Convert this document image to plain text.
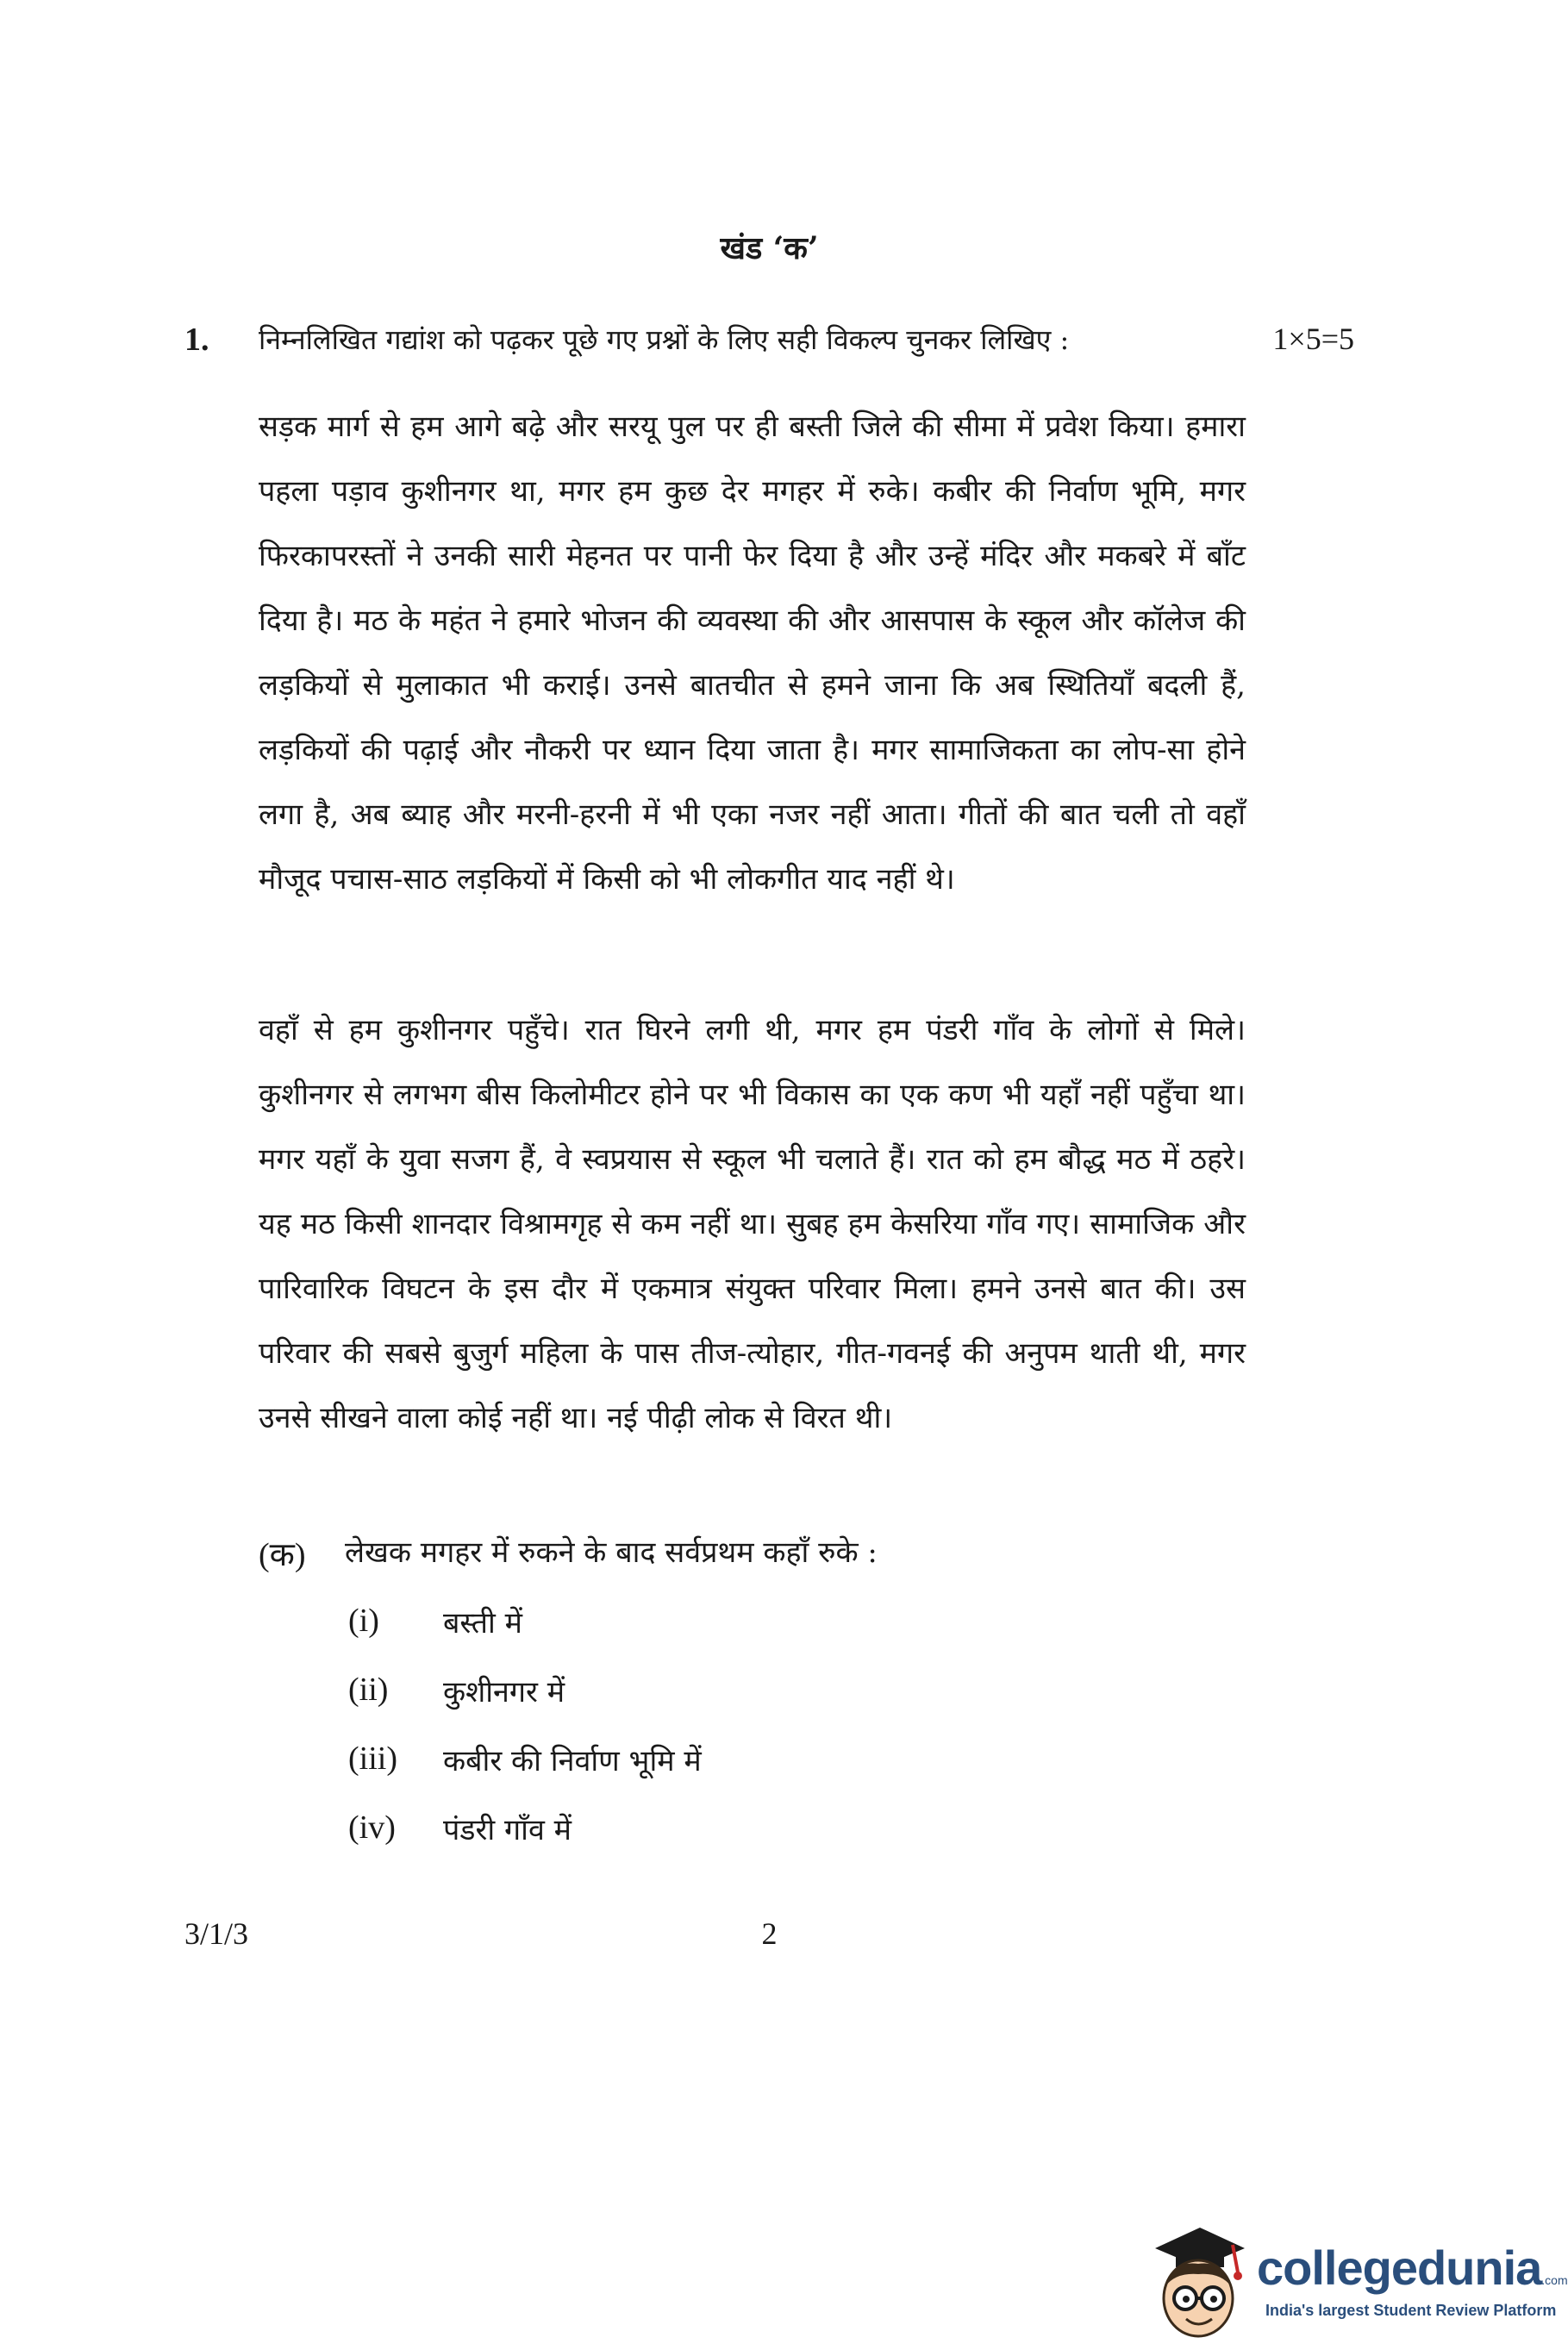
खंड ‘क’
1. निम्नलिखित गद्यांश को पढ़कर पूछे गए प्रश्नों के लिए सही विकल्प चुनकर लिखिए :	1×5=5

सड़क मार्ग से हम आगे बढ़े और सरयू पुल पर ही बस्ती जिले की सीमा में प्रवेश किया। हमारा पहला पड़ाव कुशीनगर था, मगर हम कुछ देर मगहर में रुके। कबीर की निर्वाण भूमि, मगर फिरकापरस्तों ने उनकी सारी मेहनत पर पानी फेर दिया है और उन्हें मंदिर और मकबरे में बाँट दिया है। मठ के महंत ने हमारे भोजन की व्यवस्था की और आसपास के स्कूल और कॉलेज की लड़कियों से मुलाकात भी कराई। उनसे बातचीत से हमने जाना कि अब स्थितियाँ बदली हैं, लड़कियों की पढ़ाई और नौकरी पर ध्यान दिया जाता है। मगर सामाजिकता का लोप-सा होने लगा है, अब ब्याह और मरनी-हरनी में भी एका नजर नहीं आता। गीतों की बात चली तो वहाँ मौजूद पचास-साठ लड़कियों में किसी को भी लोकगीत याद नहीं थे।

वहाँ से हम कुशीनगर पहुँचे। रात घिरने लगी थी, मगर हम पंडरी गाँव के लोगों से मिले। कुशीनगर से लगभग बीस किलोमीटर होने पर भी विकास का एक कण भी यहाँ नहीं पहुँचा था। मगर यहाँ के युवा सजग हैं, वे स्वप्रयास से स्कूल भी चलाते हैं। रात को हम बौद्ध मठ में ठहरे। यह मठ किसी शानदार विश्रामगृह से कम नहीं था। सुबह हम केसरिया गाँव गए। सामाजिक और पारिवारिक विघटन के इस दौर में एकमात्र संयुक्त परिवार मिला। हमने उनसे बात की। उस परिवार की सबसे बुजुर्ग महिला के पास तीज-त्योहार, गीत-गवनई की अनुपम थाती थी, मगर उनसे सीखने वाला कोई नहीं था। नई पीढ़ी लोक से विरत थी।

(क) लेखक मगहर में रुकने के बाद सर्वप्रथम कहाँ रुके :
(i) बस्ती में
(ii) कुशीनगर में
(iii) कबीर की निर्वाण भूमि में
(iv) पंडरी गाँव में
3/1/3	2
collegedunia.com
India's largest Student Review Platform
